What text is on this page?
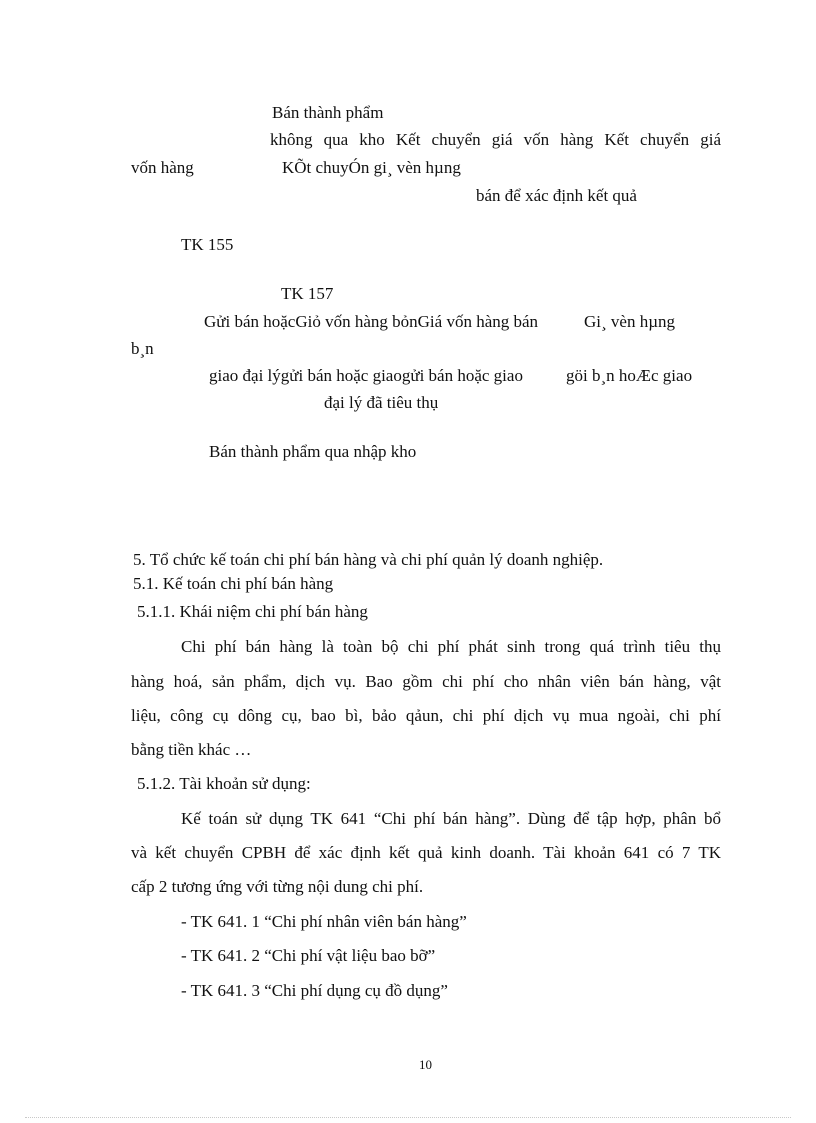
Bán thành phẩm
không qua kho Kết chuyển giá vốn hàng Kết chuyển giá
vốn hàng	KÕt chuyÓn gi¸ vèn hµng
bán để xác định kết quả
TK 155
TK 157
Gửi bán hoặcGiỏ vốn hàng bỏnGiá vốn hàng bán	Gi¸ vèn hµng
b¸n
giao đại lýgửi bán hoặc giaogửi bán hoặc giao	göi b¸n hoÆc giao
đại lý đã tiêu thụ
Bán thành phẩm qua nhập kho
5. Tổ chức kế toán chi phí bán hàng và chi phí quản lý doanh nghiệp.
5.1. Kế toán chi phí bán hàng
5.1.1. Khái niệm chi phí bán hàng
Chi phí bán hàng là toàn bộ chi phí phát sinh trong quá trình tiêu thụ
hàng hoá, sản phẩm, dịch vụ. Bao gồm chi phí cho nhân viên bán hàng, vật
liệu, công cụ dông cụ, bao bì, bảo qảun, chi phí dịch vụ mua ngoài, chi phí
bằng tiền khác …
5.1.2. Tài khoản sử dụng:
Kế toán sử dụng TK 641 “Chi phí bán hàng”. Dùng để tập hợp, phân bổ
và kết chuyển CPBH để xác định kết quả kinh doanh. Tài khoản 641 có 7 TK
cấp 2 tương ứng với từng nội dung chi phí.
- TK 641. 1 “Chi phí nhân viên bán hàng”
- TK 641. 2 “Chi phí vật liệu bao bỡ”
- TK 641. 3 “Chi phí dụng cụ đồ dụng”
10
